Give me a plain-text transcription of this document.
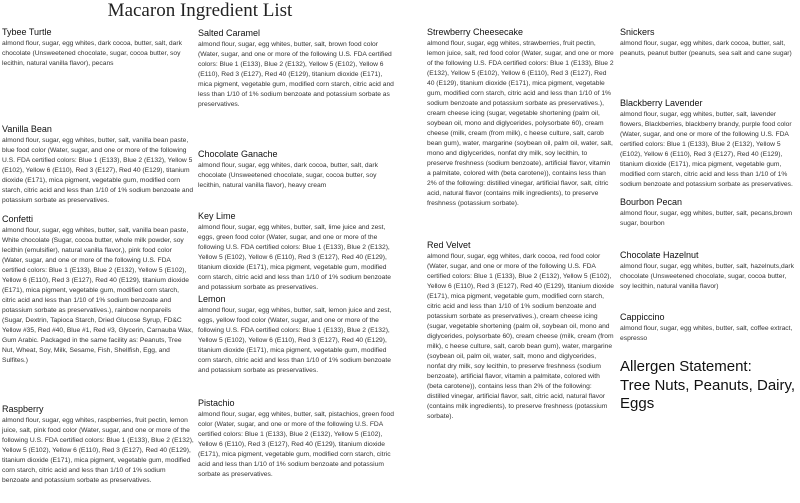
Macaron Ingredient List
Tybee Turtle

almond flour, sugar, egg whites, dark cocoa, butter, salt, dark chocolate (Unsweetened chocolate, sugar, cocoa butter, soy lecithin, natural vanilla flavor), pecans

Vanilla Bean

almond flour, sugar, egg whites, butter, salt, vanilla bean paste, blue food color (Water, sugar, and one or more of the following U.S. FDA certified colors: Blue 1 (E133), Blue 2 (E132), Yellow 5 (E102), Yellow 6 (E110), Red 3 (E127), Red 40 (E129), titanium dioxide (E171), mica pigment, vegetable gum, modified corn starch, citric acid and less than 1/10 of 1% sodium benzoate and potassium sorbate as preservatives.

Confetti

almond flour, sugar, egg whites, butter, salt, vanilla bean paste, White chocolate (Sugar, cocoa butter, whole milk powder, soy lecithin (emulsifier), natural vanilla flavor,), pink food color (Water, sugar, and one or more of the following U.S. FDA certified colors: Blue 1 (E133), Blue 2 (E132), Yellow 5 (E102), Yellow 6 (E110), Red 3 (E127), Red 40 (E129), titanium dioxide (E171), mica pigment, vegetable gum, modified corn starch, citric acid and less than 1/10 of 1% sodium benzoate and potassium sorbate as preservatives.), rainbow nonpareils (Sugar, Dextrin, Tapioca Starch, Dried Glucose Syrup, FD&C Yellow #35, Red #40, Blue #1, Red #3, Glycerin, Carnauba Wax, Gum Arabic. Packaged in the same facility as: Peanuts, Tree Nut, Wheat, Soy, Milk, Sesame, Fish, Shellfish, Egg, and Sulfites.)

Raspberry

almond flour, sugar, egg whites, raspberries, fruit pectin, lemon juice, salt, pink food color (Water, sugar, and one or more of the following U.S. FDA certified colors: Blue 1 (E133), Blue 2 (E132), Yellow 5 (E102), Yellow 6 (E110), Red 3 (E127), Red 40 (E129), titanium dioxide (E171), mica pigment, vegetable gum, modified corn starch, citric acid and less than 1/10 of 1% sodium benzoate and potassium sorbate as preservatives.

Salted Caramel

almond flour, sugar, egg whites, butter, salt, brown food color (Water, sugar, and one or more of the following U.S. FDA certified colors: Blue 1 (E133), Blue 2 (E132), Yellow 5 (E102), Yellow 6 (E110), Red 3 (E127), Red 40 (E129), titanium dioxide (E171), mica pigment, vegetable gum, modified corn starch, citric acid and less than 1/10 of 1% sodium benzoate and potassium sorbate as preservatives.

Chocolate Ganache

almond flour, sugar, egg whites, dark cocoa, butter, salt, dark chocolate (Unsweetened chocolate, sugar, cocoa butter, soy lecithin, natural vanilla flavor), heavy cream

Key Lime

almond flour, sugar, egg whites, butter, salt, lime juice and zest, eggs, green food color (Water, sugar, and one or more of the following U.S. FDA certified colors: Blue 1 (E133), Blue 2 (E132), Yellow 5 (E102), Yellow 6 (E110), Red 3 (E127), Red 40 (E129), titanium dioxide (E171), mica pigment, vegetable gum, modified corn starch, citric acid and less than 1/10 of 1% sodium benzoate and potassium sorbate as preservatives.

Lemon

almond flour, sugar, egg whites, butter, salt, lemon juice and zest, eggs, yellow food color (Water, sugar, and one or more of the following U.S. FDA certified colors: Blue 1 (E133), Blue 2 (E132), Yellow 5 (E102), Yellow 6 (E110), Red 3 (E127), Red 40 (E129), titanium dioxide (E171), mica pigment, vegetable gum, modified corn starch, citric acid and less than 1/10 of 1% sodium benzoate and potassium sorbate as preservatives.

Pistachio

almond flour, sugar, egg whites, butter, salt, pistachios, green food color (Water, sugar, and one or more of the following U.S. FDA certified colors: Blue 1 (E133), Blue 2 (E132), Yellow 5 (E102), Yellow 6 (E110), Red 3 (E127), Red 40 (E129), titanium dioxide (E171), mica pigment, vegetable gum, modified corn starch, citric acid and less than 1/10 of 1% sodium benzoate and potassium sorbate as preservatives.

Strewberry Cheesecake

almond flour, sugar, egg whites, strawberries, fruit pectin, lemon juice, salt, red food color (Water, sugar, and one or more of the following U.S. FDA certified colors: Blue 1 (E133), Blue 2 (E132), Yellow 5 (E102), Yellow 6 (E110), Red 3 (E127), Red 40 (E129), titanium dioxide (E171), mica pigment, vegetable gum, modified corn starch, citric acid and less than 1/10 of 1% sodium benzoate and potassium sorbate as preservatives.), cream cheese icing (sugar, vegetable shortening (palm oil, soybean oil, mono and diglycerides, polysorbate 60), cream cheese (milk, cream (from milk), c heese culture, salt, carob bean gum), water, margarine (soybean oil, palm oil, water, salt, mono and diglycerides, nonfat dry milk, soy lecithin, to preserve freshness (sodium benzoate), artificial flavor, vitamin a palmitate, colored with (beta carotene)), contains less than 2% of the following: distilled vinegar, artificial flavor, salt, citric acid, natural flavor (contains milk ingredients), to preserve freshness (potassium sorbate).

Red Velvet

almond flour, sugar, egg whites, dark cocoa, red food color (Water, sugar, and one or more of the following U.S. FDA certified colors: Blue 1 (E133), Blue 2 (E132), Yellow 5 (E102), Yellow 6 (E110), Red 3 (E127), Red 40 (E129), titanium dioxide (E171), mica pigment, vegetable gum, modified corn starch, citric acid and less than 1/10 of 1% sodium benzoate and potassium sorbate as preservatives.), cream cheese icing (sugar, vegetable shortening (palm oil, soybean oil, mono and diglycerides, polysorbate 60), cream cheese (milk, cream (from milk), c heese culture, salt, carob bean gum), water, margarine (soybean oil, palm oil, water, salt, mono and diglycerides, nonfat dry milk, soy lecithin, to preserve freshness (sodium benzoate), artificial flavor, vitamin a palmitate, colored with (beta carotene)), contains less than 2% of the following: distilled vinegar, artificial flavor, salt, citric acid, natural flavor (contains milk ingredients), to preserve freshness (potassium sorbate).

Snickers

almond flour, sugar, egg whites, dark cocoa, butter, salt, peanuts, peanut butter (peanuts, sea salt and cane sugar)

Blackberry Lavender

almond flour, sugar, egg whites, butter, salt, lavender flowers, Blackberries, blackberry brandy, purple food color (Water, sugar, and one or more of the following U.S. FDA certified colors: Blue 1 (E133), Blue 2 (E132), Yellow 5 (E102), Yellow 6 (E110), Red 3 (E127), Red 40 (E129), titanium dioxide (E171), mica pigment, vegetable gum, modified corn starch, citric acid and less than 1/10 of 1% sodium benzoate and potassium sorbate as preservatives.

Bourbon Pecan

almond flour, sugar, egg whites, butter, salt, pecans,brown sugar, bourbon

Chocolate Hazelnut

almond flour, sugar, egg whites, butter, salt, hazelnuts,dark chocolate (Unsweetened chocolate, sugar, cocoa butter, soy lecithin, natural vanilla flavor)

Cappiccino

almond flour, sugar, egg whites, butter, salt, coffee extract, espresso

Allergen Statement:
Tree Nuts, Peanuts, Dairy,
Eggs
